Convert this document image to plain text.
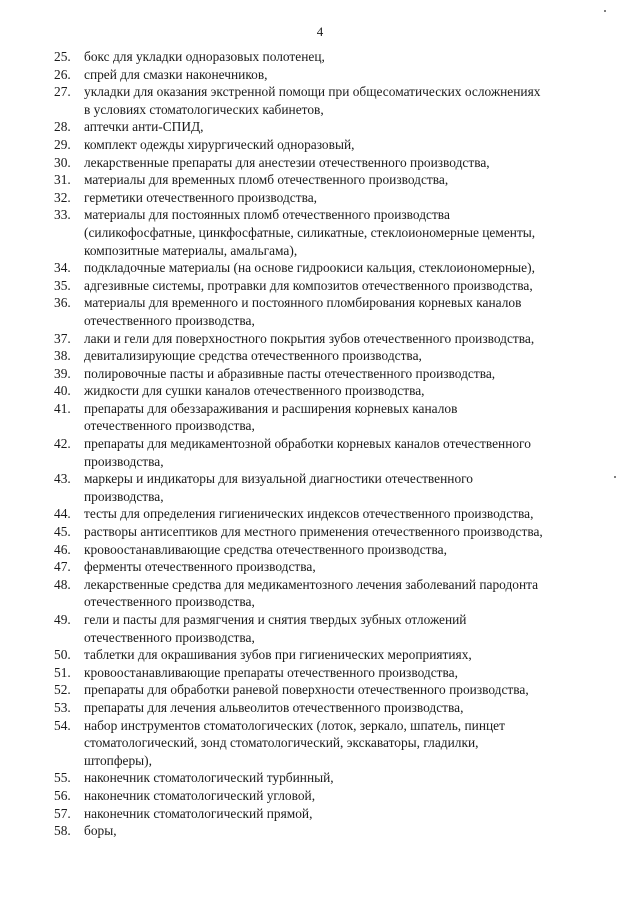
4
25. бокс для укладки одноразовых полотенец,
26. спрей для смазки наконечников,
27. укладки для оказания экстренной помощи при общесоматических осложнениях
в условиях стоматологических кабинетов,
28. аптечки анти-СПИД,
29. комплект одежды хирургический одноразовый,
30. лекарственные препараты для анестезии отечественного производства,
31. материалы для временных пломб отечественного производства,
32. герметики отечественного производства,
33. материалы для постоянных пломб отечественного производства
(силикофосфатные, цинкфосфатные, силикатные, стеклоиономерные цементы,
композитные материалы, амальгама),
34. подкладочные материалы (на основе гидроокиси кальция, стеклоиономерные),
35. адгезивные системы, протравки для композитов отечественного производства,
36. материалы для временного и постоянного пломбирования корневых каналов
отечественного производства,
37. лаки и гели для поверхностного покрытия зубов отечественного производства,
38. девитализирующие средства отечественного производства,
39. полировочные пасты и абразивные пасты отечественного производства,
40. жидкости для сушки каналов отечественного производства,
41. препараты для обеззараживания и расширения корневых каналов
отечественного производства,
42. препараты для медикаментозной обработки корневых каналов отечественного
производства,
43. маркеры и индикаторы для визуальной диагностики отечественного
производства,
44. тесты для определения гигиенических индексов отечественного производства,
45. растворы антисептиков для местного применения отечественного производства,
46. кровоостанавливающие средства отечественного производства,
47. ферменты отечественного производства,
48. лекарственные средства для медикаментозного лечения заболеваний пародонта
отечественного производства,
49. гели и пасты для размягчения и снятия твердых зубных отложений
отечественного производства,
50. таблетки для окрашивания зубов при гигиенических мероприятиях,
51. кровоостанавливающие препараты отечественного производства,
52. препараты для обработки раневой поверхности отечественного производства,
53. препараты для лечения альвеолитов отечественного производства,
54. набор инструментов стоматологических (лоток, зеркало, шпатель, пинцет
стоматологический, зонд стоматологический, экскаваторы, гладилки,
штопферы),
55. наконечник стоматологический турбинный,
56. наконечник стоматологический угловой,
57. наконечник стоматологический прямой,
58. боры,
